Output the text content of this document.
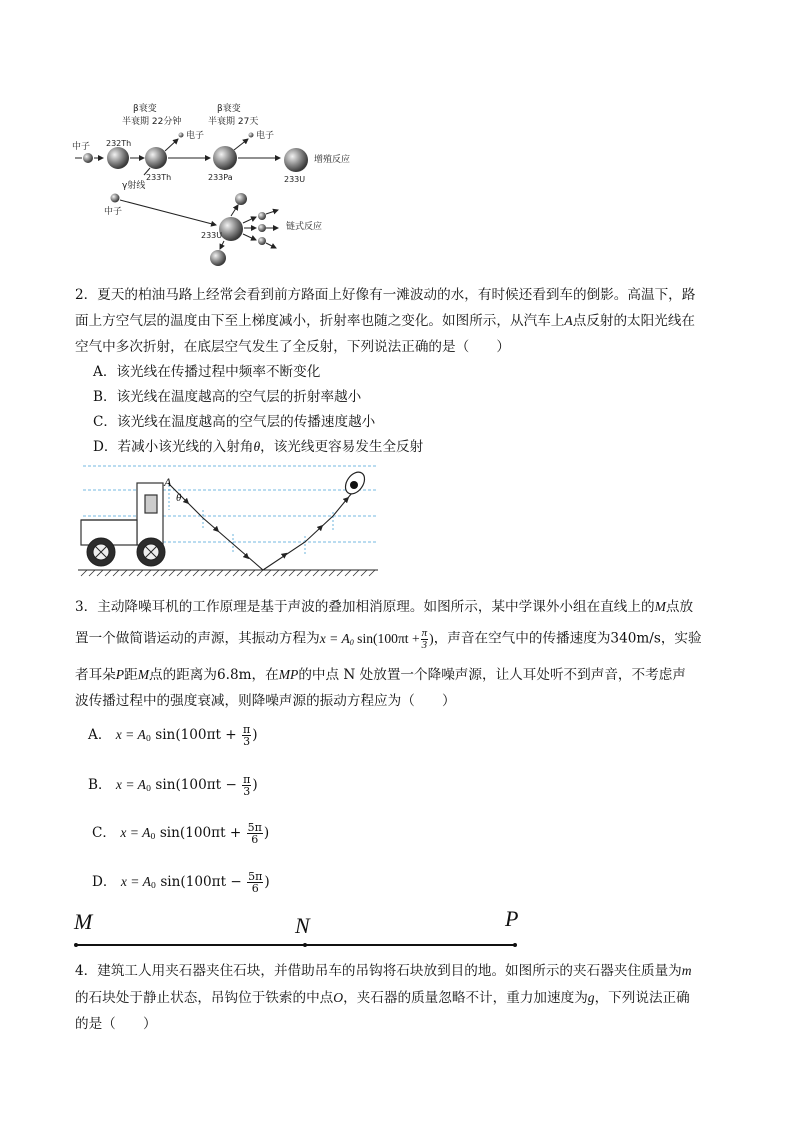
中子 232Th
233Th	233Pa	233U
β衰变
半衰期 22分钟
β衰变
半衰期 27天
电子	电子
γ射线
中子
增殖反应
233U
链式反应
2．夏天的柏油马路上经常会看到前方路面上好像有一滩波动的水，有时候还看到车的倒影。高温下，路
面上方空气层的温度由下至上梯度减小，折射率也随之变化。如图所示，从汽车上A点反射的太阳光线在
空气中多次折射，在底层空气发生了全反射，下列说法正确的是（　　）
A．该光线在传播过程中频率不断变化
B．该光线在温度越高的空气层的折射率越小
C．该光线在温度越高的空气层的传播速度越小
D．若减小该光线的入射角θ，该光线更容易发生全反射
A
θ
3．主动降噪耳机的工作原理是基于声波的叠加相消原理。如图所示，某中学课外小组在直线上的M点放
置一个做简谐运动的声源，其振动方程为$x = A_0$ $\sin(100\pi t + \frac{\pi}{3}$ )，声音在空气中的传播速度为340m/s，实验
者耳朵P距M点的距离为6.8m，在MP的中点 N 处放置一个降噪声源，让人耳处听不到声音，不考虑声
波传播过程中的强度衰减，则降噪声源的振动方程应为（　　）
A． $x = A_0$ $\sin(100\pi t + \frac{\pi}{3}$ )
B． $x = A_0$ $\sin(100\pi t - \frac{\pi}{3}$ )
C． $x = A_0$ $\sin(100\pi t + \frac{5\pi}{6}$ )
D． $x = A_0$ $\sin(100\pi t - \frac{5\pi}{6}$ )
M	N	P
4．建筑工人用夹石器夹住石块，并借助吊车的吊钩将石块放到目的地。如图所示的夹石器夹住质量为m
的石块处于静止状态，吊钩位于铁索的中点O，夹石器的质量忽略不计，重力加速度为g，下列说法正确
的是（　　）
